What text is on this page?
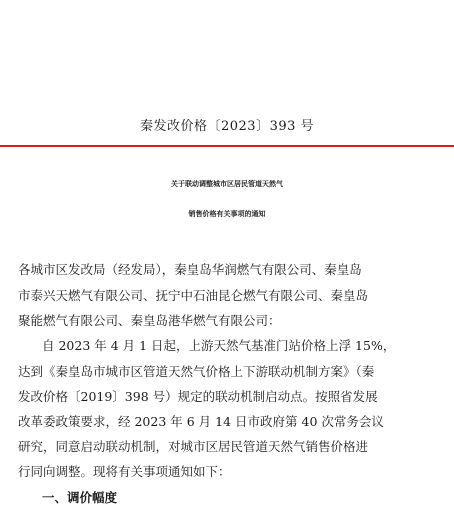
秦发改价格〔2023〕393 号
关于联动调整城市区居民管道天然气
销售价格有关事项的通知
各城市区发改局（经发局），秦皇岛华润燃气有限公司、秦皇岛
市泰兴天燃气有限公司、抚宁中石油昆仑燃气有限公司、秦皇岛
聚能燃气有限公司、秦皇岛港华燃气有限公司：
自 2023 年 4 月 1 日起，上游天然气基准门站价格上浮 15%，
达到《秦皇岛市城市区管道天然气价格上下游联动机制方案》（秦
发改价格〔2019〕398 号）规定的联动机制启动点。按照省发展
改革委政策要求，经 2023 年 6 月 14 日市政府第 40 次常务会议
研究，同意启动联动机制，对城市区居民管道天然气销售价格进
行同向调整。现将有关事项通知如下：
一、调价幅度
